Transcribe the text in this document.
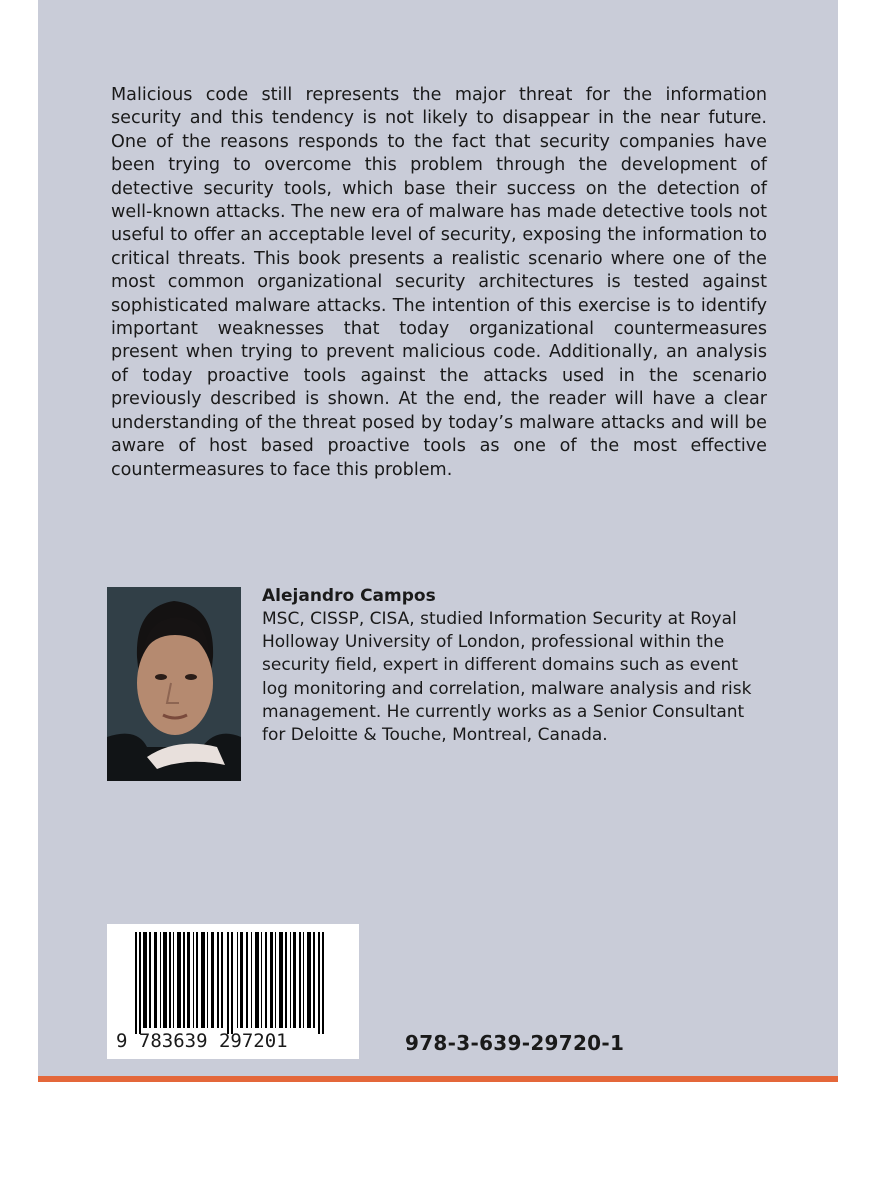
Malicious code still represents the major threat for the information security and this tendency is not likely to disappear in the near future. One of the reasons responds to the fact that security companies have been trying to overcome this problem through the development of detective security tools, which base their success on the detection of well-known attacks. The new era of malware has made detective tools not useful to offer an acceptable level of security, exposing the information to critical threats. This book presents a realistic scenario where one of the most common organizational security architectures is tested against sophisticated malware attacks. The intention of this exercise is to identify important weaknesses that today organizational countermeasures present when trying to prevent malicious code. Additionally, an analysis of today proactive tools against the attacks used in the scenario previously described is shown. At the end, the reader will have a clear understanding of the threat posed by today’s malware attacks and will be aware of host based proactive tools as one of the most effective countermeasures to face this problem.

Alejandro Campos

MSC, CISSP, CISA, studied Information Security at Royal Holloway University of London, professional within the security field, expert in different domains such as event log monitoring and correlation, malware analysis and risk management. He currently works as a Senior Consultant for Deloitte & Touche, Montreal, Canada.

9 783639 297201	978-3-639-29720-1
